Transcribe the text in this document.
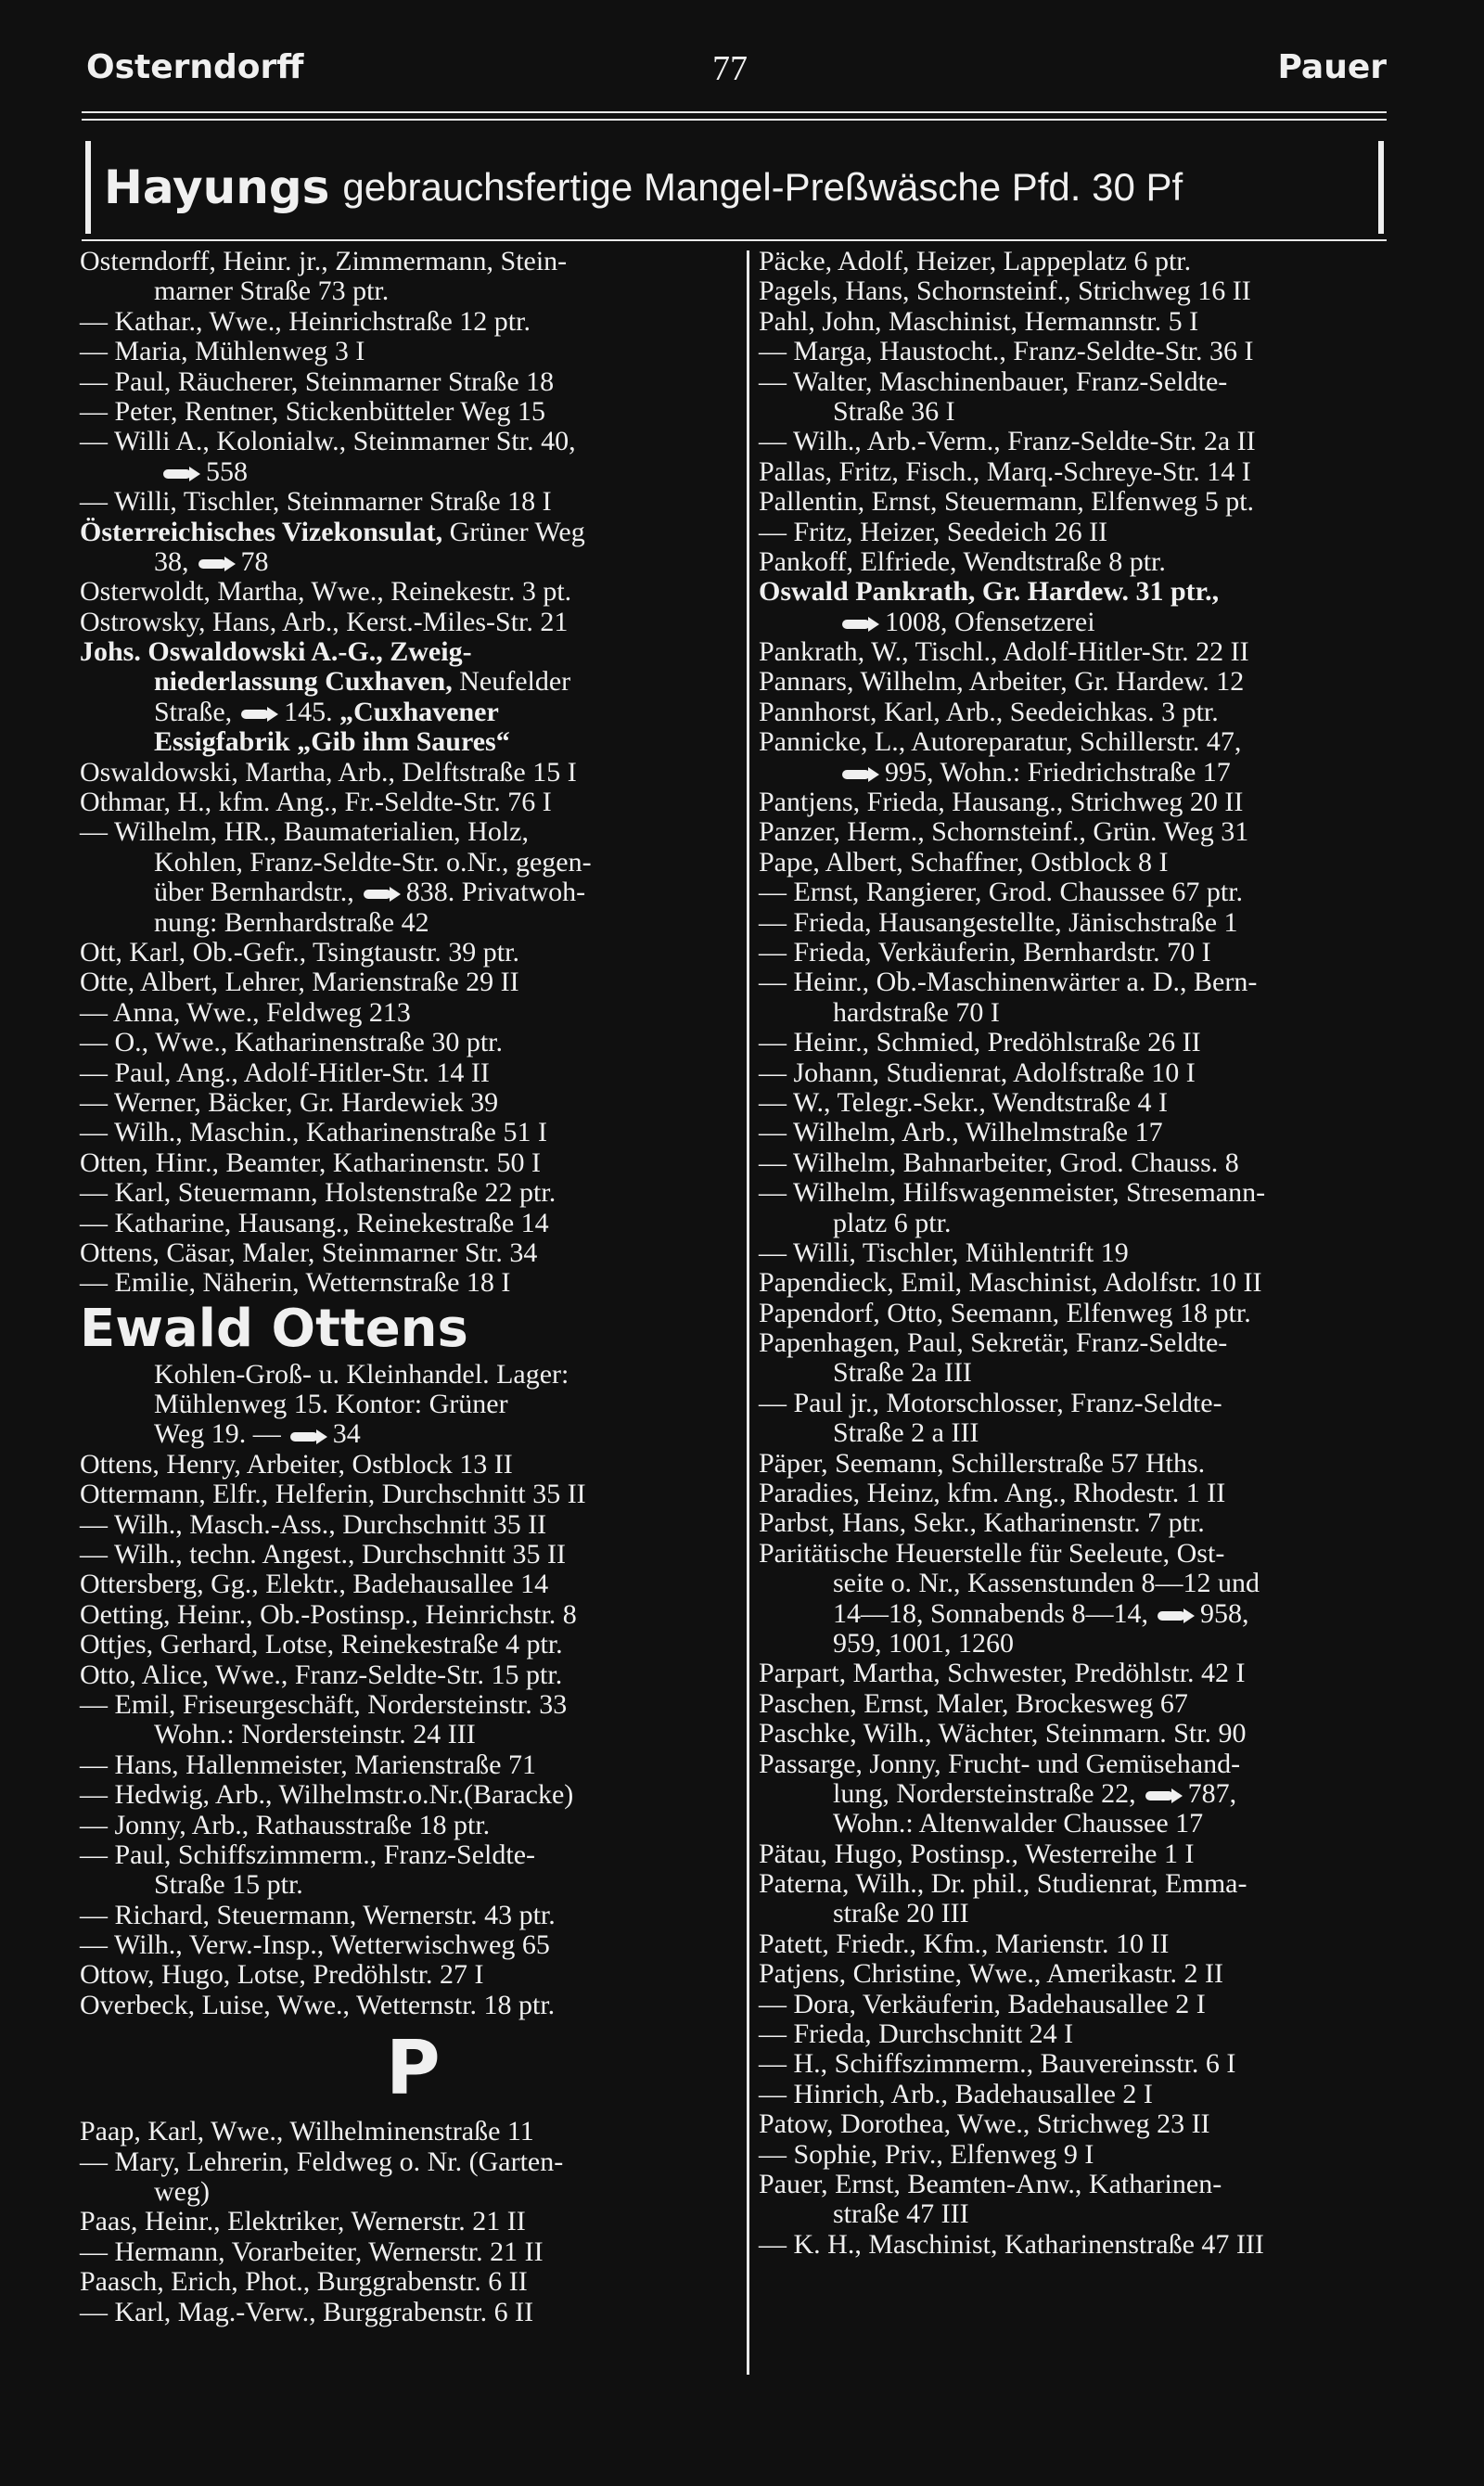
Osterndorff	77	Pauer
Hayungs gebrauchsfertige Mangel-Preßwäsche Pfd. 30 Pf
Osterndorff, Heinr. jr., Zimmermann, Stein-
marner Straße 73 ptr.
— Kathar., Wwe., Heinrichstraße 12 ptr.
— Maria, Mühlenweg 3 I
— Paul, Räucherer, Steinmarner Straße 18
— Peter, Rentner, Stickenbütteler Weg 15
— Willi A., Kolonialw., Steinmarner Str. 40,
558
— Willi, Tischler, Steinmarner Straße 18 I
Österreichisches Vizekonsulat, Grüner Weg
38, 78
Osterwoldt, Martha, Wwe., Reinekestr. 3 pt.
Ostrowsky, Hans, Arb., Kerst.-Miles-Str. 21
Johs. Oswaldowski A.-G., Zweig-
niederlassung Cuxhaven, Neufelder
Straße, 145. „Cuxhavener
Essigfabrik „Gib ihm Saures“
Oswaldowski, Martha, Arb., Delftstraße 15 I
Othmar, H., kfm. Ang., Fr.-Seldte-Str. 76 I
— Wilhelm, HR., Baumaterialien, Holz,
Kohlen, Franz-Seldte-Str. o.Nr., gegen-
über Bernhardstr., 838. Privatwoh-
nung: Bernhardstraße 42
Ott, Karl, Ob.-Gefr., Tsingtaustr. 39 ptr.
Otte, Albert, Lehrer, Marienstraße 29 II
— Anna, Wwe., Feldweg 213
— O., Wwe., Katharinenstraße 30 ptr.
— Paul, Ang., Adolf-Hitler-Str. 14 II
— Werner, Bäcker, Gr. Hardewiek 39
— Wilh., Maschin., Katharinenstraße 51 I
Otten, Hinr., Beamter, Katharinenstr. 50 I
— Karl, Steuermann, Holstenstraße 22 ptr.
— Katharine, Hausang., Reinekestraße 14
Ottens, Cäsar, Maler, Steinmarner Str. 34
— Emilie, Näherin, Wetternstraße 18 I
Ewald Ottens
Kohlen-Groß- u. Kleinhandel. Lager:
Mühlenweg 15. Kontor: Grüner
Weg 19. — 34
Ottens, Henry, Arbeiter, Ostblock 13 II
Ottermann, Elfr., Helferin, Durchschnitt 35 II
— Wilh., Masch.-Ass., Durchschnitt 35 II
— Wilh., techn. Angest., Durchschnitt 35 II
Ottersberg, Gg., Elektr., Badehausallee 14
Oetting, Heinr., Ob.-Postinsp., Heinrichstr. 8
Ottjes, Gerhard, Lotse, Reinekestraße 4 ptr.
Otto, Alice, Wwe., Franz-Seldte-Str. 15 ptr.
— Emil, Friseurgeschäft, Nordersteinstr. 33
Wohn.: Nordersteinstr. 24 III
— Hans, Hallenmeister, Marienstraße 71
— Hedwig, Arb., Wilhelmstr.o.Nr.(Baracke)
— Jonny, Arb., Rathausstraße 18 ptr.
— Paul, Schiffszimmerm., Franz-Seldte-
Straße 15 ptr.
— Richard, Steuermann, Wernerstr. 43 ptr.
— Wilh., Verw.-Insp., Wetterwischweg 65
Ottow, Hugo, Lotse, Predöhlstr. 27 I
Overbeck, Luise, Wwe., Wetternstr. 18 ptr.
P
Paap, Karl, Wwe., Wilhelminenstraße 11
— Mary, Lehrerin, Feldweg o. Nr. (Garten-
weg)
Paas, Heinr., Elektriker, Wernerstr. 21 II
— Hermann, Vorarbeiter, Wernerstr. 21 II
Paasch, Erich, Phot., Burggrabenstr. 6 II
— Karl, Mag.-Verw., Burggrabenstr. 6 II
Päcke, Adolf, Heizer, Lappeplatz 6 ptr.
Pagels, Hans, Schornsteinf., Strichweg 16 II
Pahl, John, Maschinist, Hermannstr. 5 I
— Marga, Haustocht., Franz-Seldte-Str. 36 I
— Walter, Maschinenbauer, Franz-Seldte-
Straße 36 I
— Wilh., Arb.-Verm., Franz-Seldte-Str. 2a II
Pallas, Fritz, Fisch., Marq.-Schreye-Str. 14 I
Pallentin, Ernst, Steuermann, Elfenweg 5 pt.
— Fritz, Heizer, Seedeich 26 II
Pankoff, Elfriede, Wendtstraße 8 ptr.
Oswald Pankrath, Gr. Hardew. 31 ptr.,
1008, Ofensetzerei
Pankrath, W., Tischl., Adolf-Hitler-Str. 22 II
Pannars, Wilhelm, Arbeiter, Gr. Hardew. 12
Pannhorst, Karl, Arb., Seedeichkas. 3 ptr.
Pannicke, L., Autoreparatur, Schillerstr. 47,
995, Wohn.: Friedrichstraße 17
Pantjens, Frieda, Hausang., Strichweg 20 II
Panzer, Herm., Schornsteinf., Grün. Weg 31
Pape, Albert, Schaffner, Ostblock 8 I
— Ernst, Rangierer, Grod. Chaussee 67 ptr.
— Frieda, Hausangestellte, Jänischstraße 1
— Frieda, Verkäuferin, Bernhardstr. 70 I
— Heinr., Ob.-Maschinenwärter a. D., Bern-
hardstraße 70 I
— Heinr., Schmied, Predöhlstraße 26 II
— Johann, Studienrat, Adolfstraße 10 I
— W., Telegr.-Sekr., Wendtstraße 4 I
— Wilhelm, Arb., Wilhelmstraße 17
— Wilhelm, Bahnarbeiter, Grod. Chauss. 8
— Wilhelm, Hilfswagenmeister, Stresemann-
platz 6 ptr.
— Willi, Tischler, Mühlentrift 19
Papendieck, Emil, Maschinist, Adolfstr. 10 II
Papendorf, Otto, Seemann, Elfenweg 18 ptr.
Papenhagen, Paul, Sekretär, Franz-Seldte-
Straße 2a III
— Paul jr., Motorschlosser, Franz-Seldte-
Straße 2 a III
Päper, Seemann, Schillerstraße 57 Hths.
Paradies, Heinz, kfm. Ang., Rhodestr. 1 II
Parbst, Hans, Sekr., Katharinenstr. 7 ptr.
Paritätische Heuerstelle für Seeleute, Ost-
seite o. Nr., Kassenstunden 8—12 und
14—18, Sonnabends 8—14, 958,
959, 1001, 1260
Parpart, Martha, Schwester, Predöhlstr. 42 I
Paschen, Ernst, Maler, Brockesweg 67
Paschke, Wilh., Wächter, Steinmarn. Str. 90
Passarge, Jonny, Frucht- und Gemüsehand-
lung, Nordersteinstraße 22, 787,
Wohn.: Altenwalder Chaussee 17
Pätau, Hugo, Postinsp., Westerreihe 1 I
Paterna, Wilh., Dr. phil., Studienrat, Emma-
straße 20 III
Patett, Friedr., Kfm., Marienstr. 10 II
Patjens, Christine, Wwe., Amerikastr. 2 II
— Dora, Verkäuferin, Badehausallee 2 I
— Frieda, Durchschnitt 24 I
— H., Schiffszimmerm., Bauvereinsstr. 6 I
— Hinrich, Arb., Badehausallee 2 I
Patow, Dorothea, Wwe., Strichweg 23 II
— Sophie, Priv., Elfenweg 9 I
Pauer, Ernst, Beamten-Anw., Katharinen-
straße 47 III
— K. H., Maschinist, Katharinenstraße 47 III
